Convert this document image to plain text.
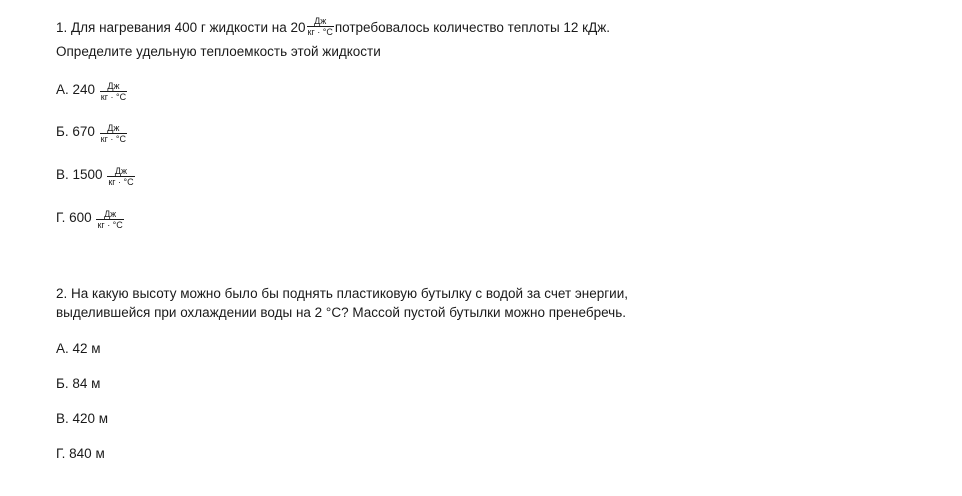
1. Для нагревания 400 г жидкости на $20 \frac{Дж}{кг \cdot ^\circ C}$ потребовалось количество теплоты 12 кДж.
Определите удельную теплоемкость этой жидкости
А. $240 \frac{Дж}{кг \cdot ^\circ C}$
Б. $670 \frac{Дж}{кг \cdot ^\circ C}$
В. $1500 \frac{Дж}{кг \cdot ^\circ C}$
Г. $600 \frac{Дж}{кг \cdot ^\circ C}$
2. На какую высоту можно было бы поднять пластиковую бутылку с водой за счет энергии,
выделившейся при охлаждении воды на 2 °C? Массой пустой бутылки можно пренебречь.
А. 42 м
Б. 84 м
В. 420 м
Г. 840 м
